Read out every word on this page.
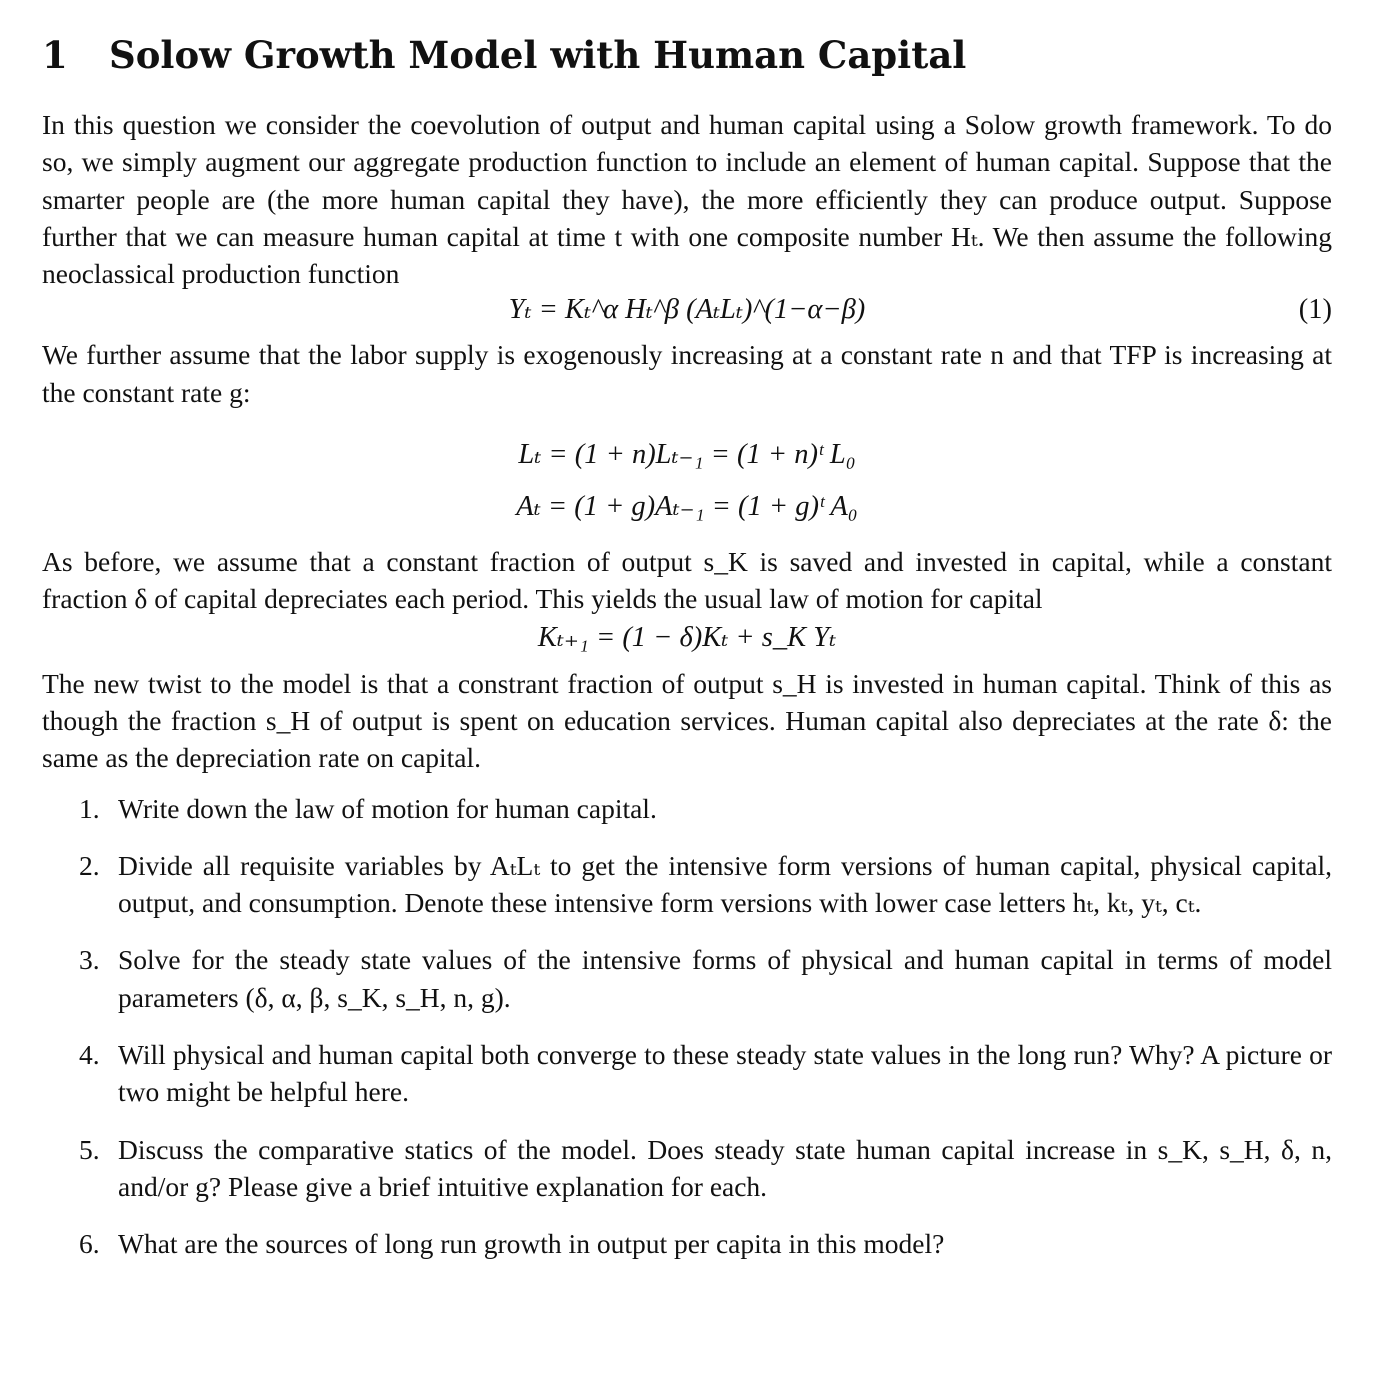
1	Solow Growth Model with Human Capital

In this question we consider the coevolution of output and human capital using a Solow growth framework. To do so, we simply augment our aggregate production function to include an element of human capital. Suppose that the smarter people are (the more human capital they have), the more efficiently they can produce output. Suppose further that we can measure human capital at time t with one composite number Hₜ. We then assume the following neoclassical production function

Yₜ = Kₜ^α Hₜ^β (AₜLₜ)^(1−α−β)	(1)

We further assume that the labor supply is exogenously increasing at a constant rate n and that TFP is increasing at the constant rate g:

Lₜ = (1 + n)Lₜ₋₁ = (1 + n)ᵗ L₀
Aₜ = (1 + g)Aₜ₋₁ = (1 + g)ᵗ A₀

As before, we assume that a constant fraction of output s_K is saved and invested in capital, while a constant fraction δ of capital depreciates each period. This yields the usual law of motion for capital

Kₜ₊₁ = (1 − δ)Kₜ + s_K Yₜ

The new twist to the model is that a constrant fraction of output s_H is invested in human capital. Think of this as though the fraction s_H of output is spent on education services. Human capital also depreciates at the rate δ: the same as the depreciation rate on capital.

1. Write down the law of motion for human capital.
2. Divide all requisite variables by AₜLₜ to get the intensive form versions of human capital, physical capital, output, and consumption. Denote these intensive form versions with lower case letters hₜ, kₜ, yₜ, cₜ.
3. Solve for the steady state values of the intensive forms of physical and human capital in terms of model parameters (δ, α, β, s_K, s_H, n, g).
4. Will physical and human capital both converge to these steady state values in the long run? Why? A picture or two might be helpful here.
5. Discuss the comparative statics of the model. Does steady state human capital increase in s_K, s_H, δ, n, and/or g? Please give a brief intuitive explanation for each.
6. What are the sources of long run growth in output per capita in this model?
